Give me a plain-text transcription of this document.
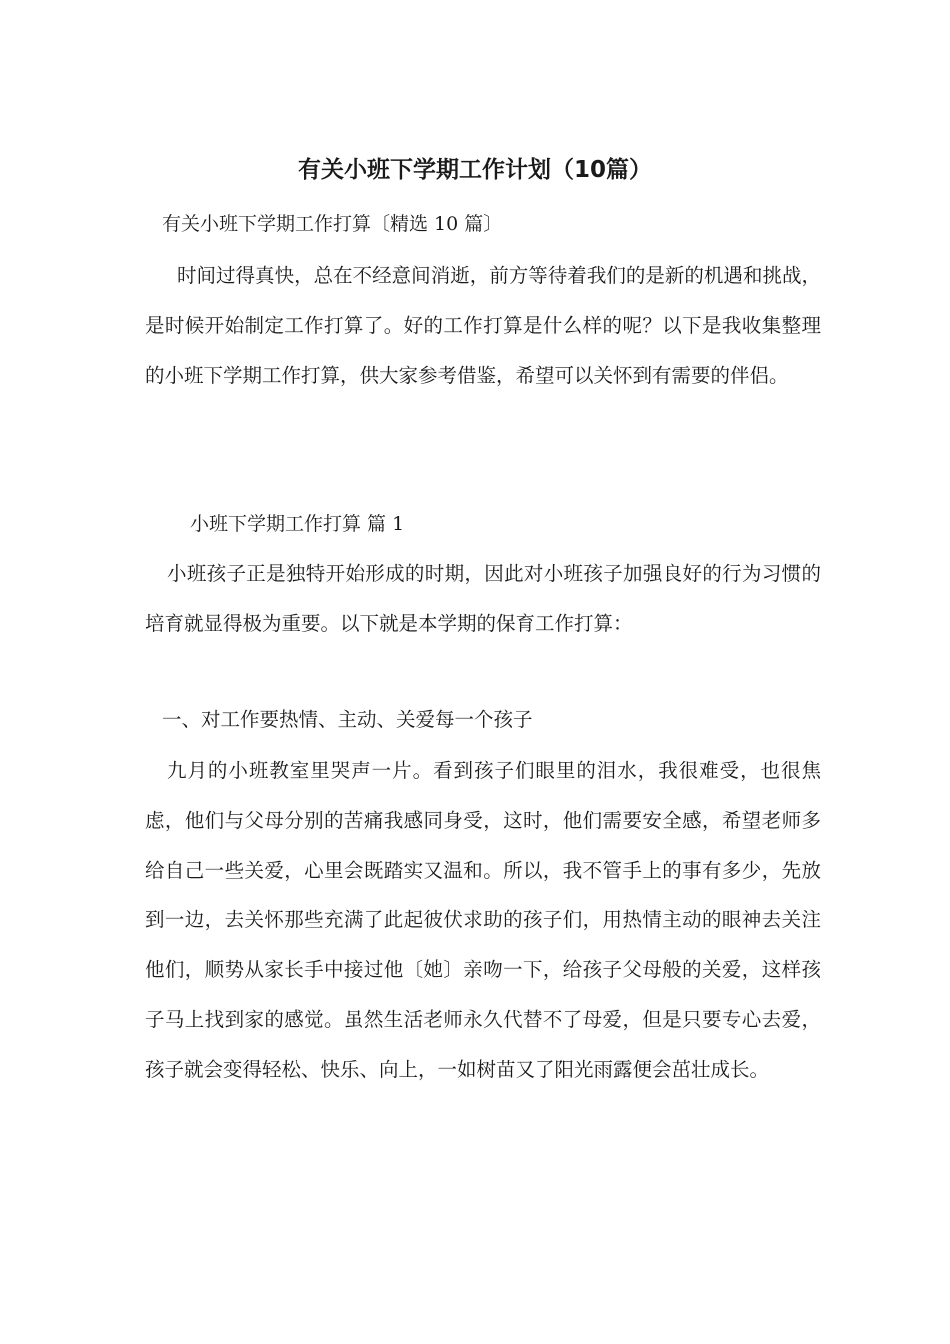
有关小班下学期工作计划（10篇）

有关小班下学期工作打算〔精选 10 篇〕

时间过得真快，总在不经意间消逝，前方等待着我们的是新的机遇和挑战，是时候开始制定工作打算了。好的工作打算是什么样的呢？以下是我收集整理的小班下学期工作打算，供大家参考借鉴，希望可以关怀到有需要的伴侣。

小班下学期工作打算 篇 1

小班孩子正是独特开始形成的时期，因此对小班孩子加强良好的行为习惯的培育就显得极为重要。以下就是本学期的保育工作打算：

一、对工作要热情、主动、关爱每一个孩子

九月的小班教室里哭声一片。看到孩子们眼里的泪水，我很难受，也很焦虑，他们与父母分别的苦痛我感同身受，这时，他们需要安全感，希望老师多给自己一些关爱，心里会既踏实又温和。所以，我不管手上的事有多少，先放到一边，去关怀那些充满了此起彼伏求助的孩子们，用热情主动的眼神去关注他们，顺势从家长手中接过他〔她〕亲吻一下，给孩子父母般的关爱，这样孩子马上找到家的感觉。虽然生活老师永久代替不了母爱，但是只要专心去爱，孩子就会变得轻松、快乐、向上，一如树苗又了阳光雨露便会茁壮成长。
